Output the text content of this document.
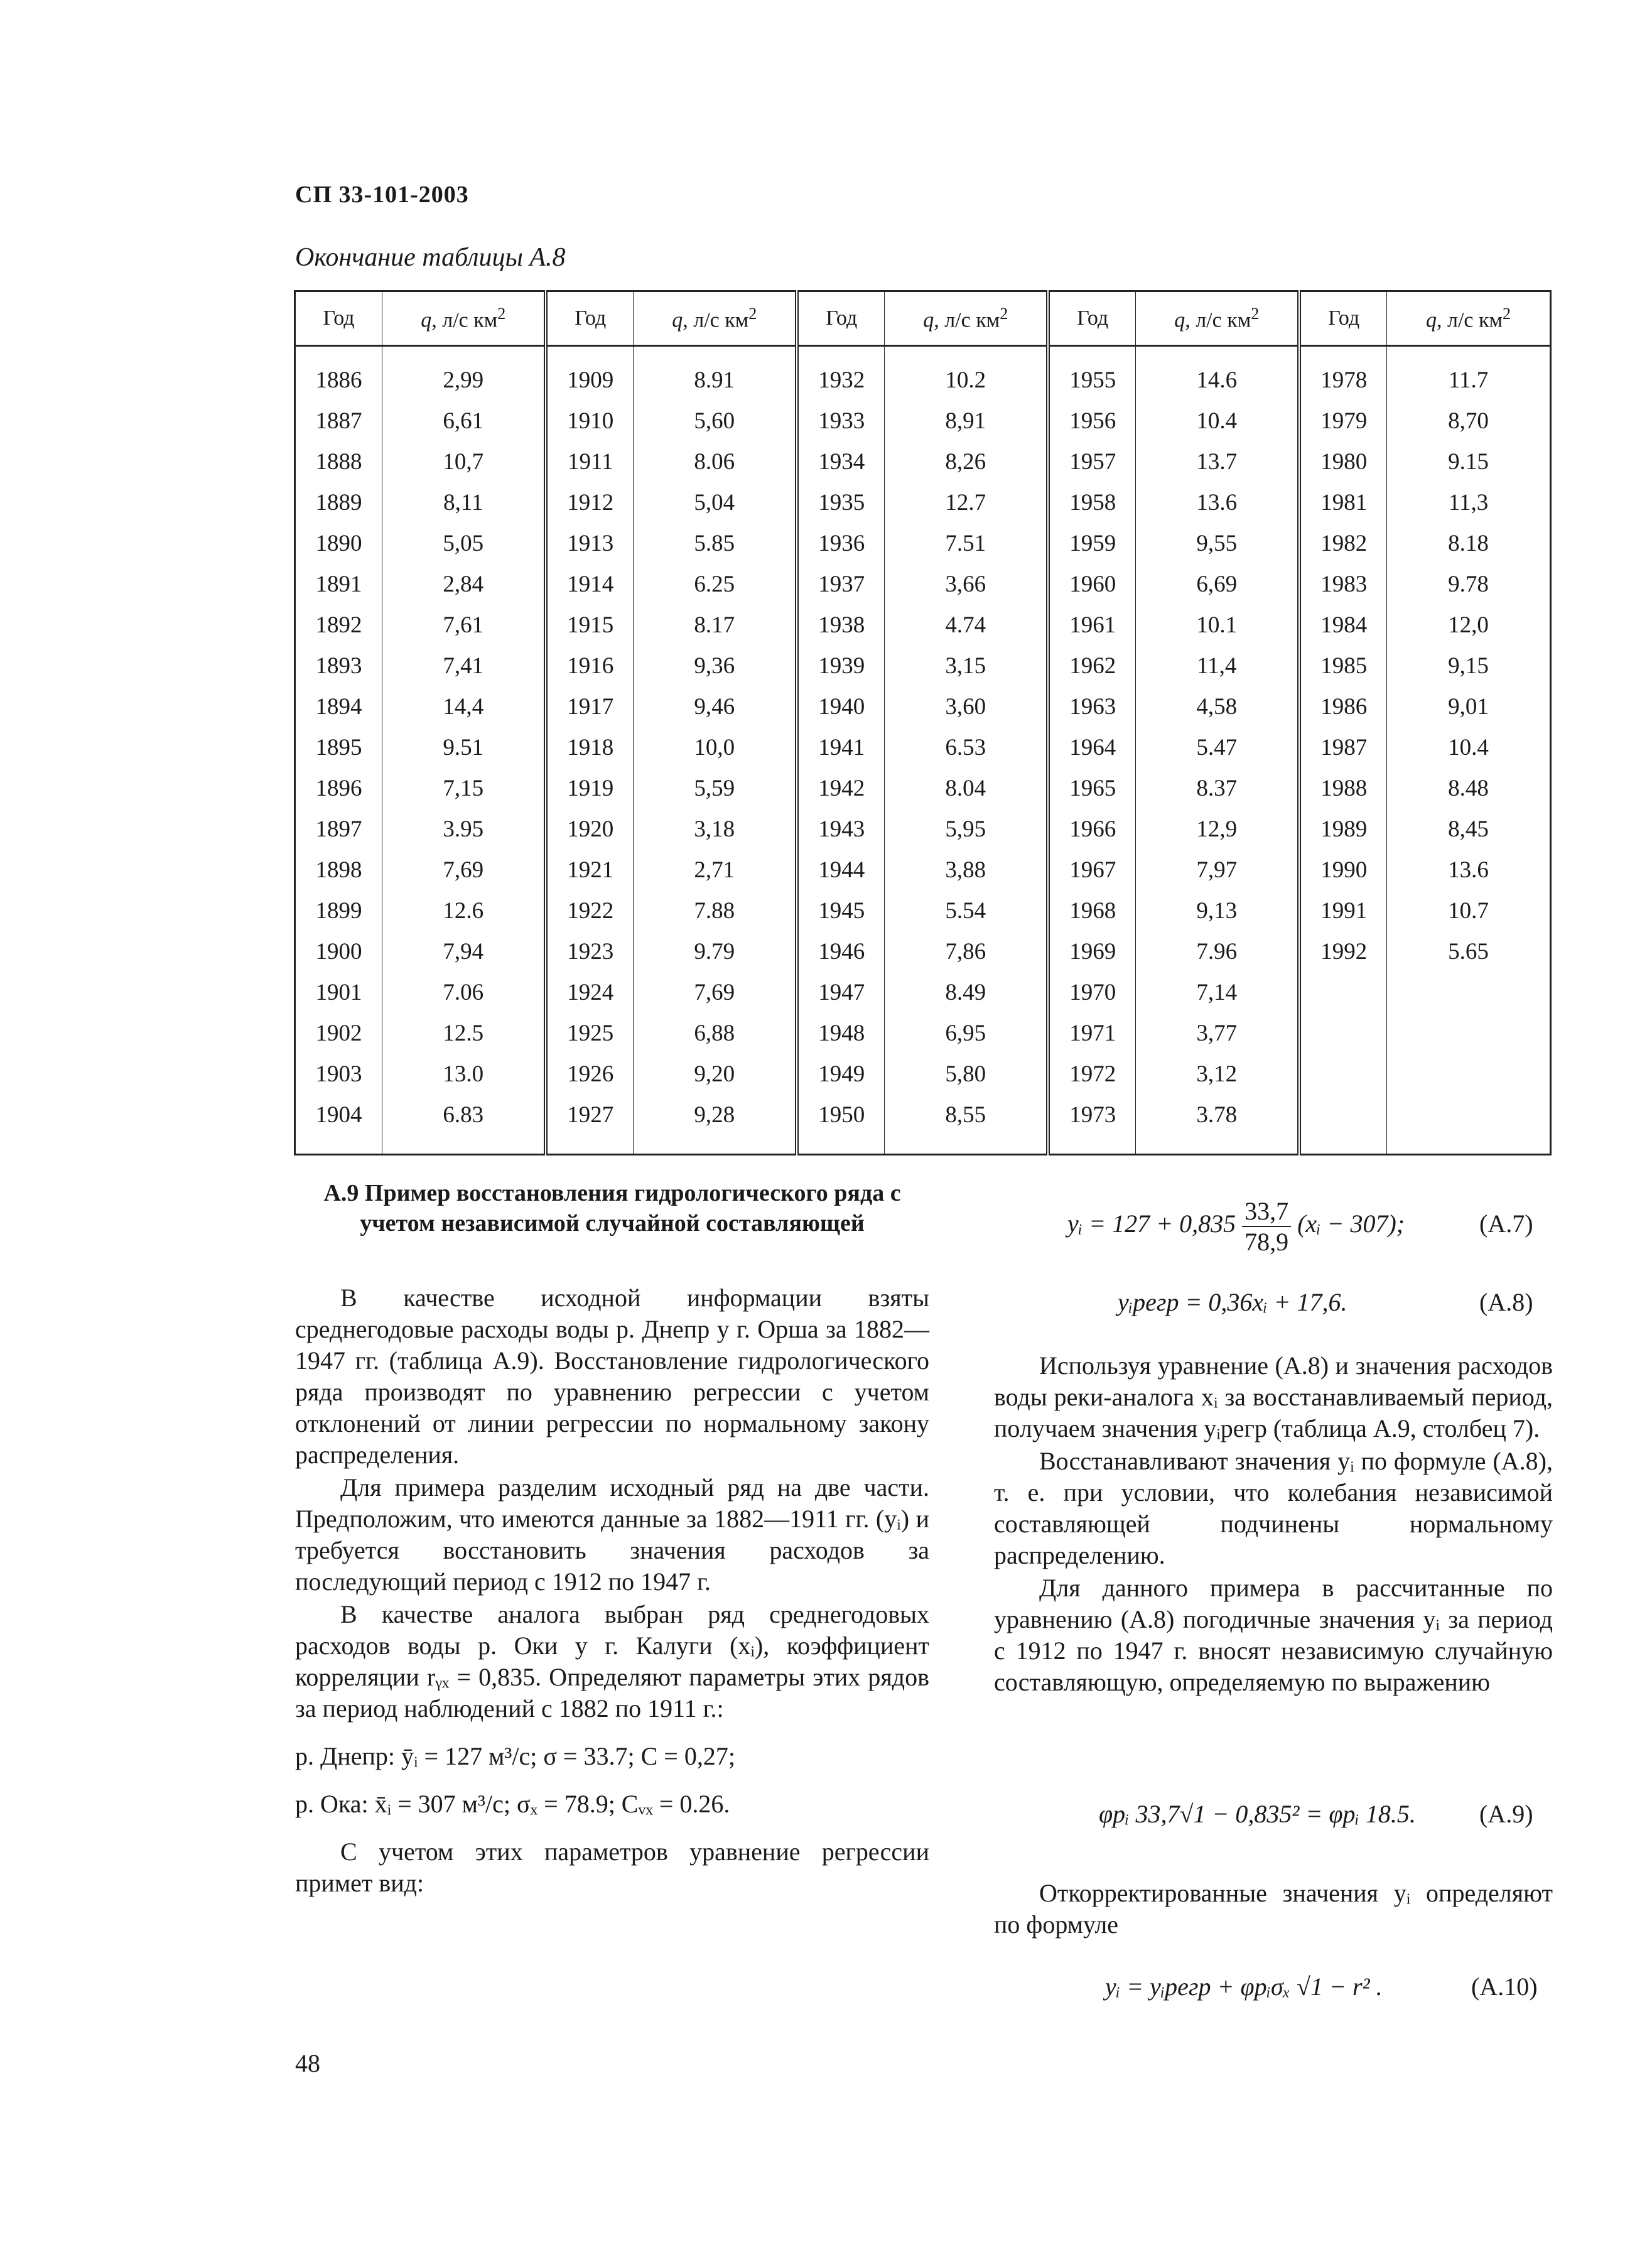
СП 33-101-2003
Окончание таблицы А.8
Год	q, л/с $км^2$	Год	q, л/с $км^2$	Год	q, л/с $км^2$	Год	q, л/с $км^2$	Год	q, л/с $км^2$
1886	2,99	1909	8.91	1932	10.2	1955	14.6	1978	11.7
1887	6,61	1910	5,60	1933	8,91	1956	10.4	1979	8,70
1888	10,7	1911	8.06	1934	8,26	1957	13.7	1980	9.15
1889	8,11	1912	5,04	1935	12.7	1958	13.6	1981	11,3
1890	5,05	1913	5.85	1936	7.51	1959	9,55	1982	8.18
1891	2,84	1914	6.25	1937	3,66	1960	6,69	1983	9.78
1892	7,61	1915	8.17	1938	4.74	1961	10.1	1984	12,0
1893	7,41	1916	9,36	1939	3,15	1962	11,4	1985	9,15
1894	14,4	1917	9,46	1940	3,60	1963	4,58	1986	9,01
1895	9.51	1918	10,0	1941	6.53	1964	5.47	1987	10.4
1896	7,15	1919	5,59	1942	8.04	1965	8.37	1988	8.48
1897	3.95	1920	3,18	1943	5,95	1966	12,9	1989	8,45
1898	7,69	1921	2,71	1944	3,88	1967	7,97	1990	13.6
1899	12.6	1922	7.88	1945	5.54	1968	9,13	1991	10.7
1900	7,94	1923	9.79	1946	7,86	1969	7.96	1992	5.65
1901	7.06	1924	7,69	1947	8.49	1970	7,14		
1902	12.5	1925	6,88	1948	6,95	1971	3,77		
1903	13.0	1926	9,20	1949	5,80	1972	3,12		
1904	6.83	1927	9,28	1950	8,55	1973	3.78		
А.9 Пример восстановления гидрологического ряда с учетом независимой случайной составляющей

В качестве исходной информации взяты среднегодовые расходы воды р. Днепр у г. Орша за 1882—1947 гг. (таблица А.9). Восстановление гидрологического ряда производят по уравнению регрессии с учетом отклонений от линии регрессии по нормальному закону распределения.

Для примера разделим исходный ряд на две части. Предположим, что имеются данные за 1882—1911 гг. (yᵢ) и требуется восстановить значения расходов за последующий период с 1912 по 1947 г.

В качестве аналога выбран ряд среднегодовых расходов воды р. Оки у г. Калуги (xᵢ), коэффициент корреляции rᵧₓ = 0,835. Определяют параметры этих рядов за период наблюдений с 1882 по 1911 г.:

р. Днепр: ȳᵢ = 127 м³/с; σ = 33.7; C = 0,27;

р. Ока: x̄ᵢ = 307 м³/с; σₓ = 78.9; Cᵥₓ = 0.26.

С учетом этих параметров уравнение регрессии примет вид:

yᵢ = $127 + 0,835 \frac{33,7}{78,9}$ (xᵢ − 307);	(А.7)
yᵢрегр = 0,36xᵢ + 17,6.	(А.8)

Используя уравнение (А.8) и значения расходов воды реки-аналога xᵢ за восстанавливаемый период, получаем значения yᵢрегр (таблица А.9, столбец 7).

Восстанавливают значения yᵢ по формуле (А.8), т. е. при условии, что колебания независимой составляющей подчинены нормальному распределению.

Для данного примера в рассчитанные по уравнению (А.8) погодичные значения yᵢ за период с 1912 по 1947 г. вносят независимую случайную составляющую, определяемую по выражению

φpᵢ 33,7√1 − 0,835² = φpᵢ 18.5.	(А.9)

Откорректированные значения yᵢ определяют по формуле

yᵢ = yᵢрегр + φpᵢσₓ √1 − r² .	(А.10)
48
